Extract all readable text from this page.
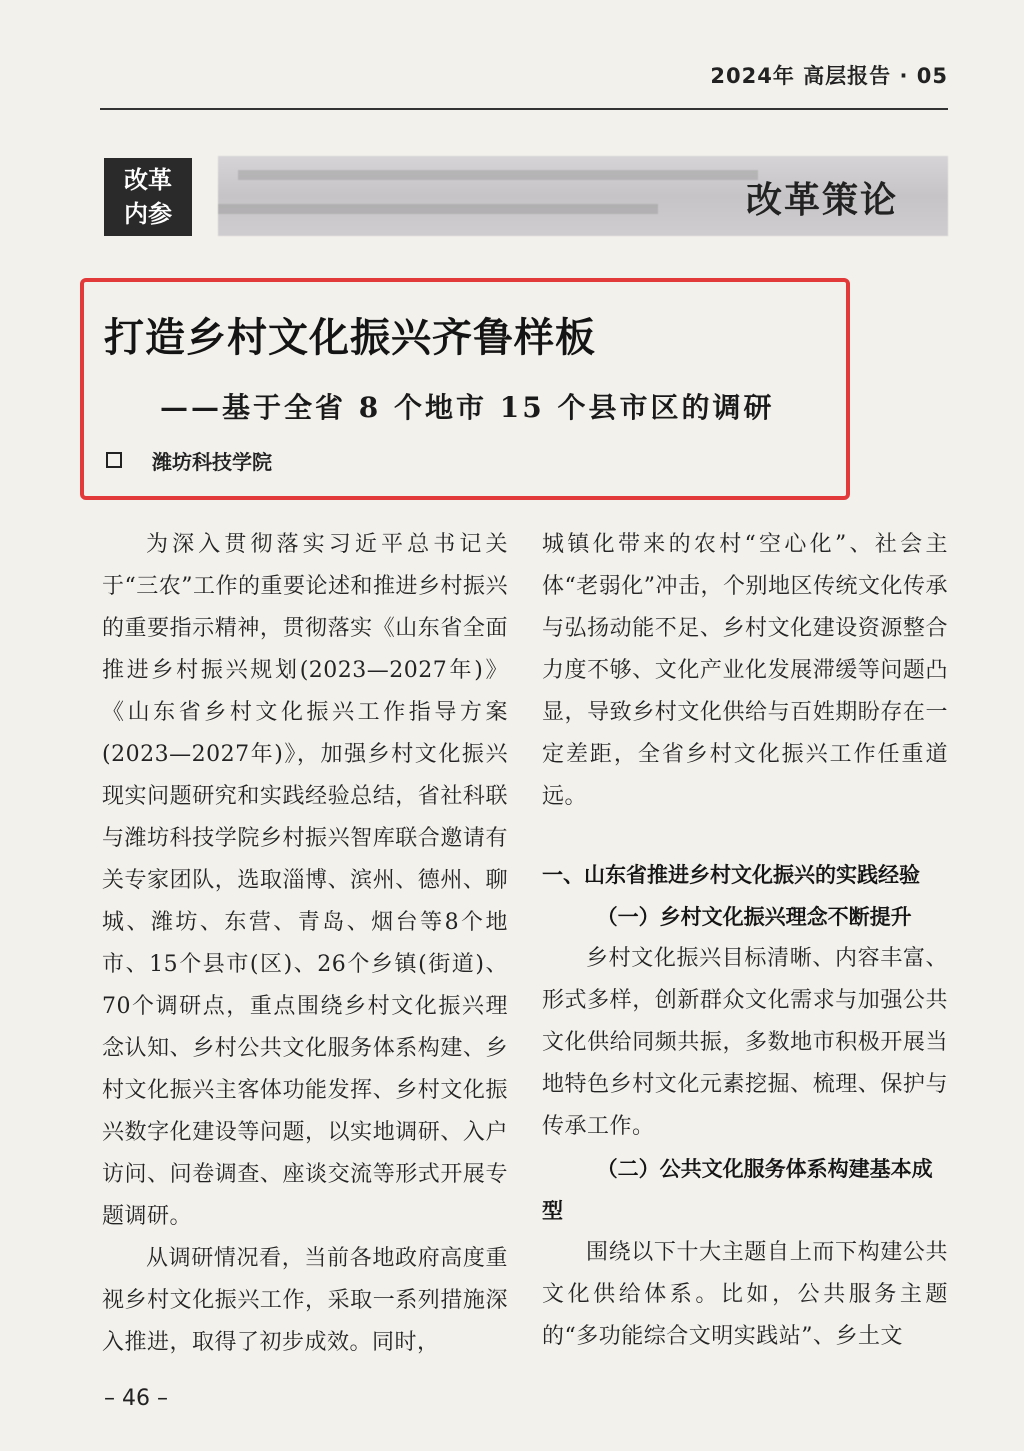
2024年 高层报告 · 05
改革
内参	改革策论
打造乡村文化振兴齐鲁样板
——基于全省 8 个地市 15 个县市区的调研
潍坊科技学院

为深入贯彻落实习近平总书记关于“三农”工作的重要论述和推进乡村振兴的重要指示精神，贯彻落实《山东省全面推进乡村振兴规划(2023—2027年)》《山东省乡村文化振兴工作指导方案(2023—2027年)》，加强乡村文化振兴现实问题研究和实践经验总结，省社科联与潍坊科技学院乡村振兴智库联合邀请有关专家团队，选取淄博、滨州、德州、聊城、潍坊、东营、青岛、烟台等8个地市、15个县市(区)、26个乡镇(街道)、70个调研点，重点围绕乡村文化振兴理念认知、乡村公共文化服务体系构建、乡村文化振兴主客体功能发挥、乡村文化振兴数字化建设等问题，以实地调研、入户访问、问卷调查、座谈交流等形式开展专题调研。

从调研情况看，当前各地政府高度重视乡村文化振兴工作，采取一系列措施深入推进，取得了初步成效。同时，

城镇化带来的农村“空心化”、社会主体“老弱化”冲击，个别地区传统文化传承与弘扬动能不足、乡村文化建设资源整合力度不够、文化产业化发展滞缓等问题凸显，导致乡村文化供给与百姓期盼存在一定差距，全省乡村文化振兴工作任重道远。

一、山东省推进乡村文化振兴的实践经验

（一）乡村文化振兴理念不断提升

乡村文化振兴目标清晰、内容丰富、形式多样，创新群众文化需求与加强公共文化供给同频共振，多数地市积极开展当地特色乡村文化元素挖掘、梳理、保护与传承工作。

（二）公共文化服务体系构建基本成型

围绕以下十大主题自上而下构建公共文化供给体系。比如，公共服务主题的“多功能综合文明实践站”、乡土文

– 46 –
